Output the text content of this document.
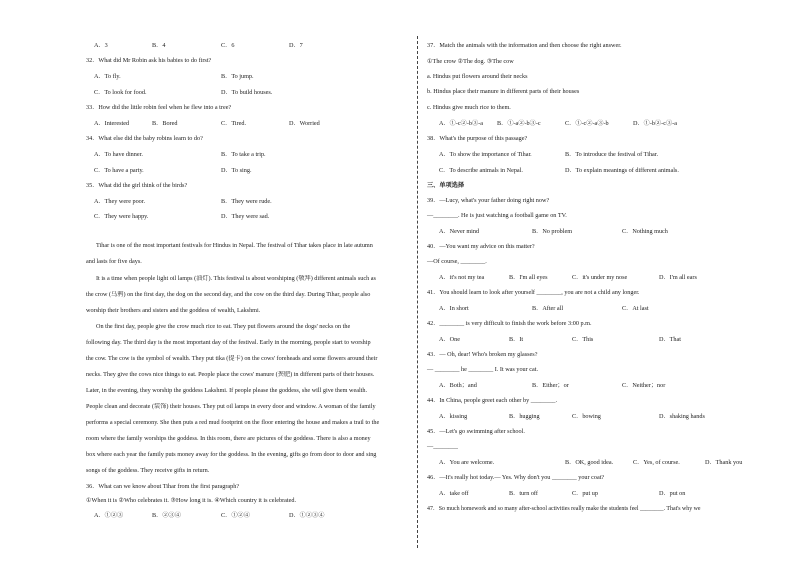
A．3	B．4	C．6	D．7
32．What did Mr Robin ask his babies to do first?
A．To fly.	B．To jump.
C．To look for food.	D．To build houses.
33．How did the little robin feel when he flew into a tree?
A．Interested	B．Bored	C．Tired.	D．Worried
34．What else did the baby robins learn to do?
A．To have dinner.	B．To take a trip.
C．To have a party.	D．To sing.
35．What did the girl think of the birds?
A．They were poor.	B．They were rude.
C．They were happy.	D．They were sad.
Tihar is one of the most important festivals for Hindus in Nepal. The festival of Tihar takes place in late autumn
and lasts for five days.
It is a time when people light oil lamps (油灯). This festival is about worshiping (敬拜) different animals such as
the crow (乌鸦) on the first day, the dog on the second day, and the cow on the third day. During Tihar, people also
worship their brothers and sisters and the goddess of wealth, Lakshmi.
On the first day, people give the crow much rice to eat. They put flowers around the dogs' necks on the
following day. The third day is the most important day of the festival. Early in the morning, people start to worship
the cow. The cow is the symbol of wealth. They put tika (提卡) on the cows' foreheads and some flowers around their
necks. They give the cows nice things to eat. People place the cows' manure (粪肥) in different parts of their houses.
Later, in the evening, they worship the goddess Lakshmi. If people please the goddess, she will give them wealth.
People clean and decorate (装饰) their houses. They put oil lamps in every door and window. A woman of the family
performs a special ceremony. She then puts a red mud footprint on the floor entering the house and makes a trail to the
room where the family worships the goddess. In this room, there are pictures of the goddess. There is also a money
box where each year the family puts money away for the goddess. In the evening, gifts go from door to door and sing
songs of the goddess. They receive gifts in return.
36．What can we know about Tihar from the first paragraph?
①When it is ②Who celebrates it. ③How long it is. ④Which country it is celebrated.
A．①②③	B．②③④	C．①②④	D．①②③④
37．Match the animals with the information and then choose the right answer.
①The crow ②The dog. ③The cow
a. Hindus put flowers around their necks
b. Hindus place their manure in different parts of their houses
c. Hindus give much rice to them.
A．①-c②-b③-a B．①-a②-b③-c	C．①-c②-a③-b	D．①-b②-c③-a
38．What's the purpose of this passage?
A．To show the importance of Tihar.	B．To introduce the festival of Tihar.
C．To describe animals in Nepal.	D．To explain meanings of different animals.
三、单项选择
39．—Lucy, what's your father doing right now?
—________. He is just watching a football game on TV.
A．Never mind	B．No problem	C．Nothing much
40．—You want my advice on this matter?
—Of course, ________.
A．it's not my tea	B．I'm all eyes	C．it's under my nose	D．I'm all ears
41．You should learn to look after yourself ________, you are not a child any longer.
A．In short	B．After all	C．At last
42．________ is very difficult to finish the work before 3:00 p.m.
A．One	B．It	C．This	D．That
43．— Oh, dear! Who's broken my glasses?
— ________ he ________ I. It was your cat.
A．Both；and	B．Either；or	C．Neither；nor
44．In China, people greet each other by ________.
A．kissing	B．hugging	C．bowing	D．shaking hands
45．—Let's go swimming after school.
—________
A．You are welcome.	B．OK, good idea.	C．Yes, of course.	D．Thank you
46．—It's really hot today.— Yes. Why don't you ________ your coat?
A．take off	B．turn off	C．put up	D．put on
47．So much homework and so many after-school activities really make the students feel ________. That's why we
